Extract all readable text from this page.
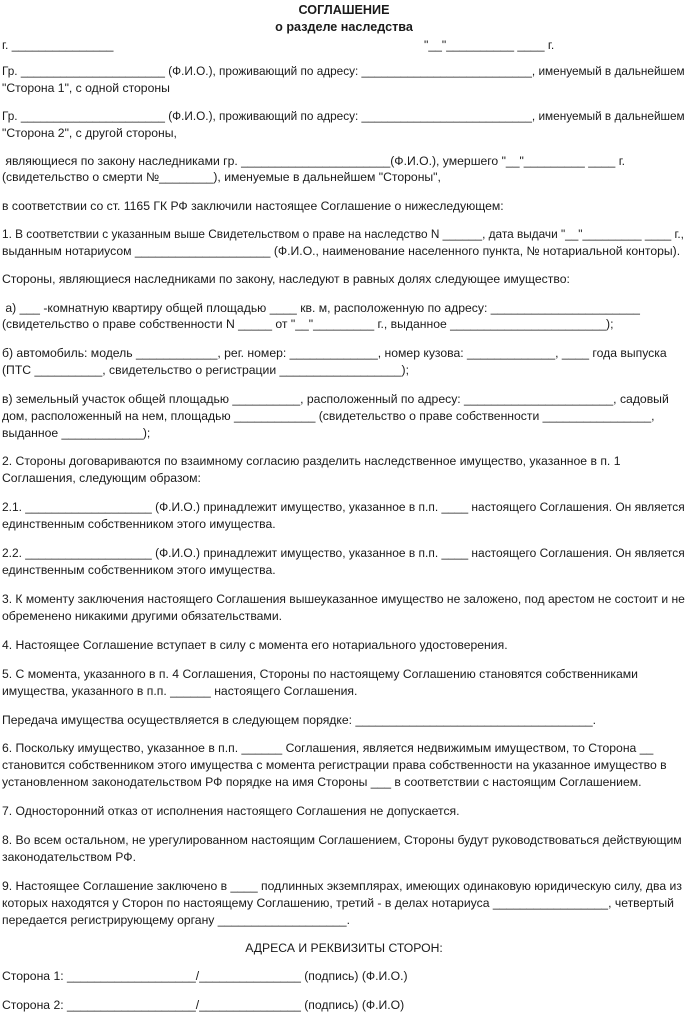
СОГЛАШЕНИЕ
о разделе наследства
г. _______________	"__"__________ ____ г.
Гр. ______________________ (Ф.И.О.), проживающий по адресу: __________________________, именуемый в дальнейшем
"Сторона 1", с одной стороны
Гр. ______________________ (Ф.И.О.), проживающий по адресу: __________________________, именуемый в дальнейшем
"Сторона 2", с другой стороны,
являющиеся по закону наследниками гр. ______________________(Ф.И.О.), умершего "__"_________ ____ г.
(свидетельство о смерти №________), именуемые в дальнейшем "Стороны",
в соответствии со ст. 1165 ГК РФ заключили настоящее Соглашение о нижеследующем:
1. В соответствии с указанным выше Свидетельством о праве на наследство N ______, дата выдачи "__"_________ ____ г.,
выданным нотариусом ____________________ (Ф.И.О., наименование населенного пункта, № нотариальной конторы).
Стороны, являющиеся наследниками по закону, наследуют в равных долях следующее имущество:
а) ___ -комнатную квартиру общей площадью ____ кв. м, расположенную по адресу: ______________________
(свидетельство о праве собственности N _____ от "__"_________ г., выданное _______________________);
б) автомобиль: модель ____________, рег. номер: _____________, номер кузова: _____________, ____ года выпуска
(ПТС __________, свидетельство о регистрации __________________);
в) земельный участок общей площадью __________, расположенный по адресу: ______________________, садовый
дом, расположенный на нем, площадью ____________ (свидетельство о праве собственности ________________,
выданное ____________);
2. Стороны договариваются по взаимному согласию разделить наследственное имущество, указанное в п. 1
Соглашения, следующим образом:
2.1. ___________________ (Ф.И.О.) принадлежит имущество, указанное в п.п. ____ настоящего Соглашения. Он является
единственным собственником этого имущества.
2.2. ___________________ (Ф.И.О.) принадлежит имущество, указанное в п.п. ____ настоящего Соглашения. Он является
единственным собственником этого имущества.
3. К моменту заключения настоящего Соглашения вышеуказанное имущество не заложено, под арестом не состоит и не
обременено никакими другими обязательствами.
4. Настоящее Соглашение вступает в силу с момента его нотариального удостоверения.
5. С момента, указанного в п. 4 Соглашения, Стороны по настоящему Соглашению становятся собственниками
имущества, указанного в п.п. ______ настоящего Соглашения.
Передача имущества осуществляется в следующем порядке: ___________________________________.
6. Поскольку имущество, указанное в п.п. ______ Соглашения, является недвижимым имуществом, то Сторона __
становится собственником этого имущества с момента регистрации права собственности на указанное имущество в
установленном законодательством РФ порядке на имя Стороны ___ в соответствии с настоящим Соглашением.
7. Односторонний отказ от исполнения настоящего Соглашения не допускается.
8. Во всем остальном, не урегулированном настоящим Соглашением, Стороны будут руководствоваться действующим
законодательством РФ.
9. Настоящее Соглашение заключено в ____ подлинных экземплярах, имеющих одинаковую юридическую силу, два из
которых находятся у Сторон по настоящему Соглашению, третий - в делах нотариуса _________________, четвертый
передается регистрирующему органу ___________________.
АДРЕСА И РЕКВИЗИТЫ СТОРОН:
Сторона 1: ___________________/_______________ (подпись) (Ф.И.О.)
Сторона 2: ___________________/_______________ (подпись) (Ф.И.О)
